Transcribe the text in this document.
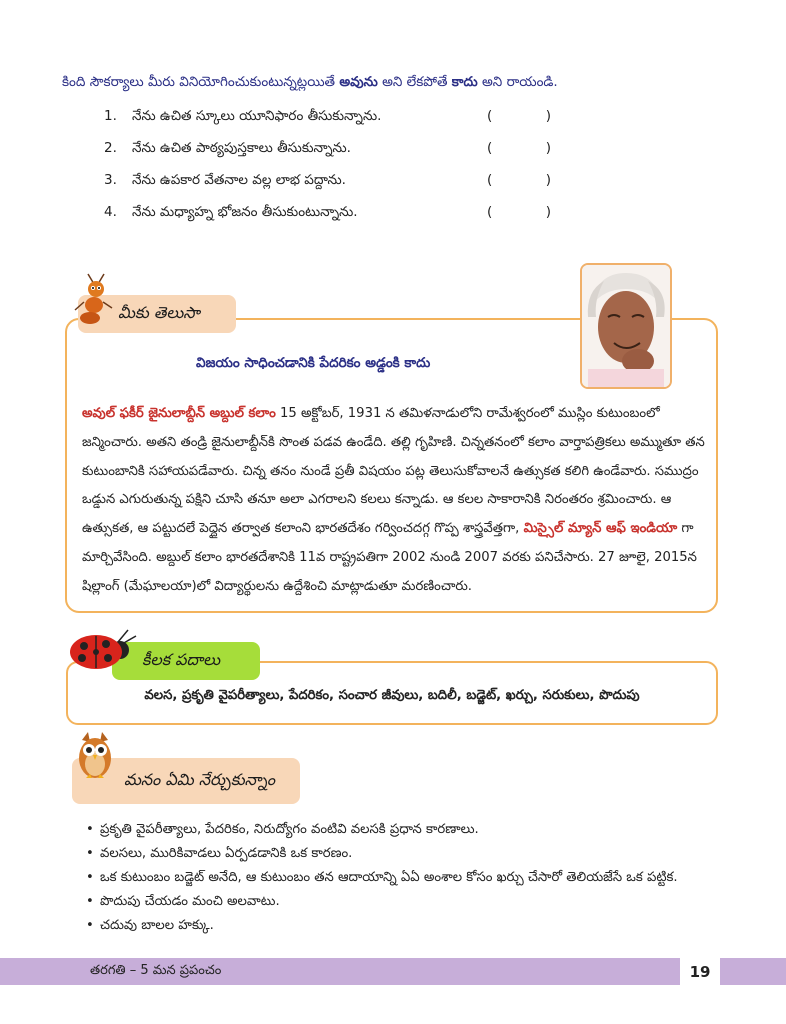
కింది సౌకర్యాలు మీరు వినియోగించుకుంటున్నట్లయితే అవును అని లేకపోతే కాదు అని రాయండి.
1. నేను ఉచిత స్కూలు యూనిఫారం తీసుకున్నాను.	(	)
2. నేను ఉచిత పాఠ్యపుస్తకాలు తీసుకున్నాను.	(	)
3. నేను ఉపకార వేతనాల వల్ల లాభ పద్దాను.	(	)
4. నేను మధ్యాహ్న భోజనం తీసుకుంటున్నాను.	(	)
మీకు తెలుసా
విజయం సాధించడానికి పేదరికం అడ్డంకి కాదు
అవుల్ ఫకీర్ జైనులాబ్దీన్ అబ్దుల్ కలాం 15 అక్టోబర్, 1931 న తమిళనాడులోని రామేశ్వరంలో ముస్లిం కుటుంబంలో జన్మించారు. అతని తండ్రి జైనులాబ్దీన్‌కి సొంత పడవ ఉండేది. తల్లి గృహిణి. చిన్నతనంలో కలాం వార్తాపత్రికలు అమ్ముతూ తన కుటుంబానికి సహాయపడేవారు. చిన్న తనం నుండే ప్రతీ విషయం పట్ల తెలుసుకోవాలనే ఉత్సుకత కలిగి ఉండేవారు. సముద్రం ఒడ్డున ఎగురుతున్న పక్షిని చూసి తనూ అలా ఎగరాలని కలలు కన్నాడు. ఆ కలల సాకారానికి నిరంతరం శ్రమించారు. ఆ ఉత్సుకత, ఆ పట్టుదలే పెద్దైన తర్వాత కలాంని భారతదేశం గర్వించదగ్గ గొప్ప శాస్త్రవేత్తగా, మిస్సైల్ మ్యాన్ ఆఫ్ ఇండియా గా మార్చివేసింది. అబ్దుల్ కలాం భారతదేశానికి 11వ రాష్ట్రపతిగా 2002 నుండి 2007 వరకు పనిచేసారు. 27 జూలై, 2015న షిల్లాంగ్ (మేఘాలయా)లో విద్యార్థులను ఉద్దేశించి మాట్లాడుతూ మరణించారు.
కీలక పదాలు
వలస, ప్రకృతి వైపరీత్యాలు, పేదరికం, సంచార జీవులు, బదిలీ, బడ్జెట్, ఖర్చు, సరుకులు, పొదుపు
మనం ఏమి నేర్చుకున్నాం
• ప్రకృతి వైపరీత్యాలు, పేదరికం, నిరుద్యోగం వంటివి వలసకి ప్రధాన కారణాలు.
• వలసలు, మురికివాడలు ఏర్పడడానికి ఒక కారణం.
• ఒక కుటుంబం బడ్జెట్ అనేది, ఆ కుటుంబం తన ఆదాయాన్ని ఏఏ అంశాల కోసం ఖర్చు చేసారో తెలియజేసే ఒక పట్టిక.
• పొదుపు చేయడం మంచి అలవాటు.
• చదువు బాలల హక్కు.
తరగతి – 5 మన ప్రపంచం	19
